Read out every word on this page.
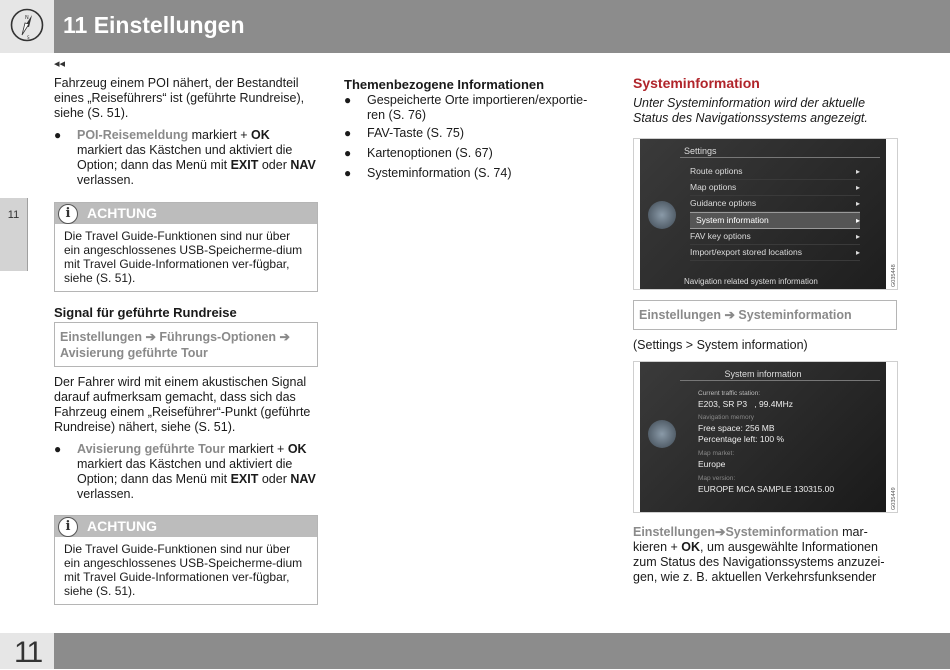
N
S 11 Einstellungen
11
◂◂

Fahrzeug einem POI nähert, der Bestandteil eines „Reiseführers“ ist (geführte Rundreise), siehe (S. 51).

● POI-Reisemeldung markiert + OK markiert das Kästchen und aktiviert die Option; dann das Menü mit EXIT oder NAV verlassen.

i	ACHTUNG

Die Travel Guide-Funktionen sind nur über ein angeschlossenes USB-Speicherme-dium mit Travel Guide-Informationen ver-fügbar, siehe (S. 51).

Signal für geführte Rundreise

Einstellungen ➔ Führungs-Optionen ➔ Avisierung geführte Tour

Der Fahrer wird mit einem akustischen Signal darauf aufmerksam gemacht, dass sich das Fahrzeug einem „Reiseführer“-Punkt (geführte Rundreise) nähert, siehe (S. 51).

● Avisierung geführte Tour markiert + OK markiert das Kästchen und aktiviert die Option; dann das Menü mit EXIT oder NAV verlassen.

i	ACHTUNG

Die Travel Guide-Funktionen sind nur über ein angeschlossenes USB-Speicherme-dium mit Travel Guide-Informationen ver-fügbar, siehe (S. 51).

Themenbezogene Informationen
● Gespeicherte Orte importieren/exportie-ren (S. 76)

● FAV-Taste (S. 75)

● Kartenoptionen (S. 67)

● Systeminformation (S. 74)

Systeminformation

Unter Systeminformation wird der aktuelle Status des Navigationssystems angezeigt.

Settings
Route options	▸
Map options	▸
Guidance options	▸
System information	▸
FAV key options	▸
Import/export stored locations	▸
Navigation related system information	G035448

Einstellungen ➔ Systeminformation

(Settings > System information)

System information
Current traffic station:
E203, SR P3   , 99.4MHz
Navigation memory
Free space: 256 MB
Percentage left: 100 %
Map market:
Europe
Map version:
EUROPE MCA SAMPLE 130315.00	G035449

Einstellungen➔Systeminformation mar-kieren + OK, um ausgewählte Informationen zum Status des Navigationssystems anzuzei-gen, wie z. B. aktuellen Verkehrsfunksender

11
